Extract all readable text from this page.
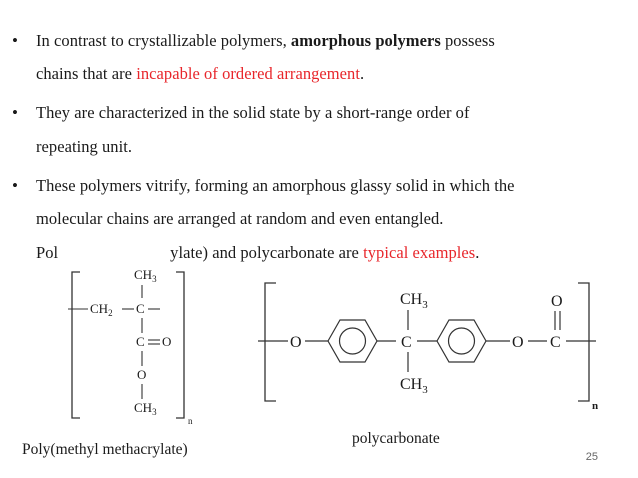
• In contrast to crystallizable polymers, amorphous polymers possess
chains that are incapable of ordered arrangement.
• They are characterized in the solid state by a short-range order of
repeating unit.
• These polymers vitrify, forming an amorphous glassy solid in which the
molecular chains are arranged at random and even entangled.
Pol	ylate) and polycarbonate are typical examples.
$CH_3$
$CH_2$ C
C O
O
$CH_3$
n
O	C
$CH_3$
$CH_3$
O C
O
n
Poly(methyl methacrylate)
polycarbonate
25
